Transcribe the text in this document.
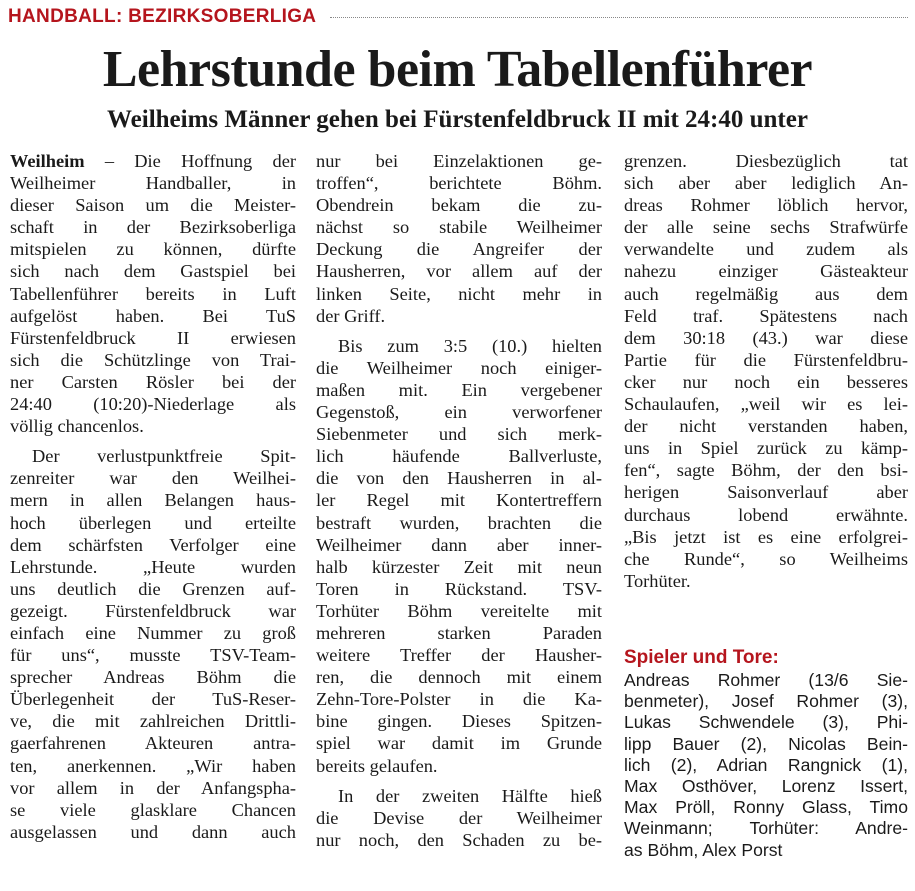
HANDBALL: BEZIRKSOBERLIGA
Lehrstunde beim Tabellenführer
Weilheims Männer gehen bei Fürstenfeldbruck II mit 24:40 unter
Weilheim – Die Hoffnung der
Weilheimer Handballer, in
dieser Saison um die Meister-
schaft in der Bezirksoberliga
mitspielen zu können, dürfte
sich nach dem Gastspiel bei
Tabellenführer bereits in Luft
aufgelöst haben. Bei TuS
Fürstenfeldbruck II erwiesen
sich die Schützlinge von Trai-
ner Carsten Rösler bei der
24:40 (10:20)-Niederlage als
völlig chancenlos.
Der verlustpunktfreie Spit-
zenreiter war den Weilhei-
mern in allen Belangen haus-
hoch überlegen und erteilte
dem schärfsten Verfolger eine
Lehrstunde. „Heute wurden
uns deutlich die Grenzen auf-
gezeigt. Fürstenfeldbruck war
einfach eine Nummer zu groß
für uns“, musste TSV-Team-
sprecher Andreas Böhm die
Überlegenheit der TuS-Reser-
ve, die mit zahlreichen Drittli-
gaerfahrenen Akteuren antra-
ten, anerkennen. „Wir haben
vor allem in der Anfangspha-
se viele glasklare Chancen
ausgelassen und dann auch
nur bei Einzelaktionen ge-
troffen“, berichtete Böhm.
Obendrein bekam die zu-
nächst so stabile Weilheimer
Deckung die Angreifer der
Hausherren, vor allem auf der
linken Seite, nicht mehr in
der Griff.
Bis zum 3:5 (10.) hielten
die Weilheimer noch einiger-
maßen mit. Ein vergebener
Gegenstoß, ein verworfener
Siebenmeter und sich merk-
lich häufende Ballverluste,
die von den Hausherren in al-
ler Regel mit Kontertreffern
bestraft wurden, brachten die
Weilheimer dann aber inner-
halb kürzester Zeit mit neun
Toren in Rückstand. TSV-
Torhüter Böhm vereitelte mit
mehreren starken Paraden
weitere Treffer der Hausher-
ren, die dennoch mit einem
Zehn-Tore-Polster in die Ka-
bine gingen. Dieses Spitzen-
spiel war damit im Grunde
bereits gelaufen.
In der zweiten Hälfte hieß
die Devise der Weilheimer
nur noch, den Schaden zu be-
grenzen. Diesbezüglich tat
sich aber aber lediglich An-
dreas Rohmer löblich hervor,
der alle seine sechs Strafwürfe
verwandelte und zudem als
nahezu einziger Gästeakteur
auch regelmäßig aus dem
Feld traf. Spätestens nach
dem 30:18 (43.) war diese
Partie für die Fürstenfeldbru-
cker nur noch ein besseres
Schaulaufen, „weil wir es lei-
der nicht verstanden haben,
uns in Spiel zurück zu kämp-
fen“, sagte Böhm, der den bsi-
herigen Saisonverlauf aber
durchaus lobend erwähnte.
„Bis jetzt ist es eine erfolgrei-
che Runde“, so Weilheims
Torhüter.
Spieler und Tore:
Andreas Rohmer (13/6 Sie-
benmeter), Josef Rohmer (3),
Lukas Schwendele (3), Phi-
lipp Bauer (2), Nicolas Bein-
lich (2), Adrian Rangnick (1),
Max Osthöver, Lorenz Issert,
Max Pröll, Ronny Glass, Timo
Weinmann; Torhüter: Andre-
as Böhm, Alex Porst
